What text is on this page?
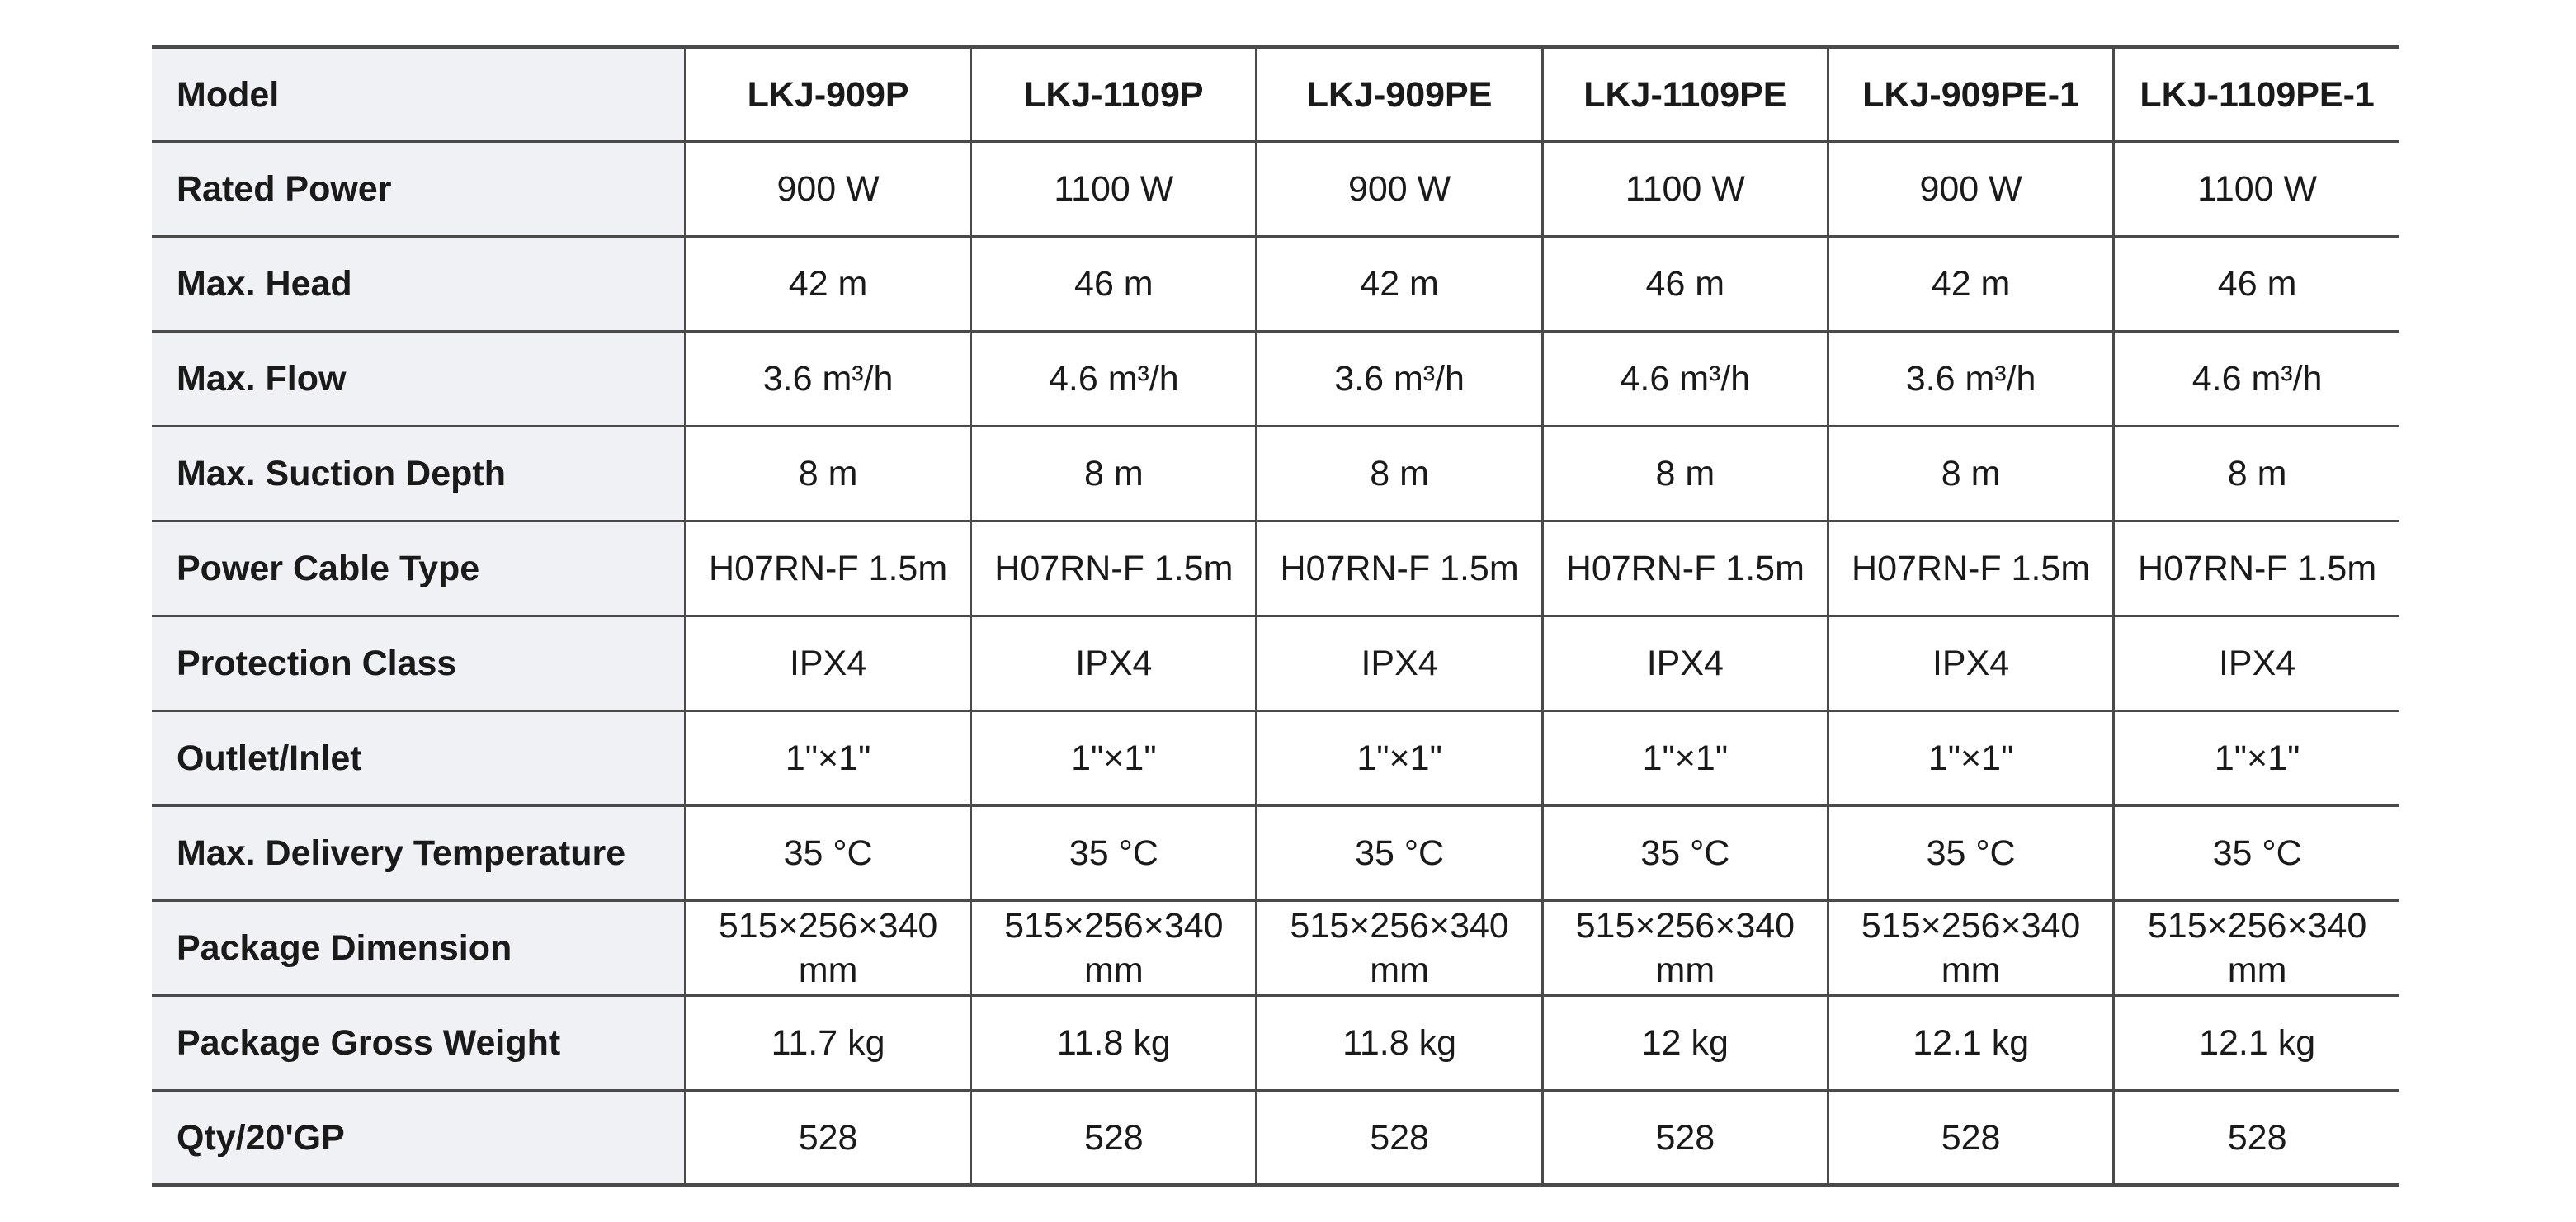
Model	LKJ-909P	LKJ-1109P	LKJ-909PE	LKJ-1109PE	LKJ-909PE-1	LKJ-1109PE-1
Rated Power	900 W	1100 W	900 W	1100 W	900 W	1100 W
Max. Head	42 m	46 m	42 m	46 m	42 m	46 m
Max. Flow	3.6 m³/h	4.6 m³/h	3.6 m³/h	4.6 m³/h	3.6 m³/h	4.6 m³/h
Max. Suction Depth	8 m	8 m	8 m	8 m	8 m	8 m
Power Cable Type	H07RN-F 1.5m	H07RN-F 1.5m	H07RN-F 1.5m	H07RN-F 1.5m	H07RN-F 1.5m	H07RN-F 1.5m
Protection Class	IPX4	IPX4	IPX4	IPX4	IPX4	IPX4
Outlet/Inlet	1"×1"	1"×1"	1"×1"	1"×1"	1"×1"	1"×1"
Max. Delivery Temperature	35 °C	35 °C	35 °C	35 °C	35 °C	35 °C
Package Dimension	515×256×340 mm	515×256×340 mm	515×256×340 mm	515×256×340 mm	515×256×340 mm	515×256×340 mm
Package Gross Weight	11.7 kg	11.8 kg	11.8 kg	12 kg	12.1 kg	12.1 kg
Qty/20'GP	528	528	528	528	528	528
